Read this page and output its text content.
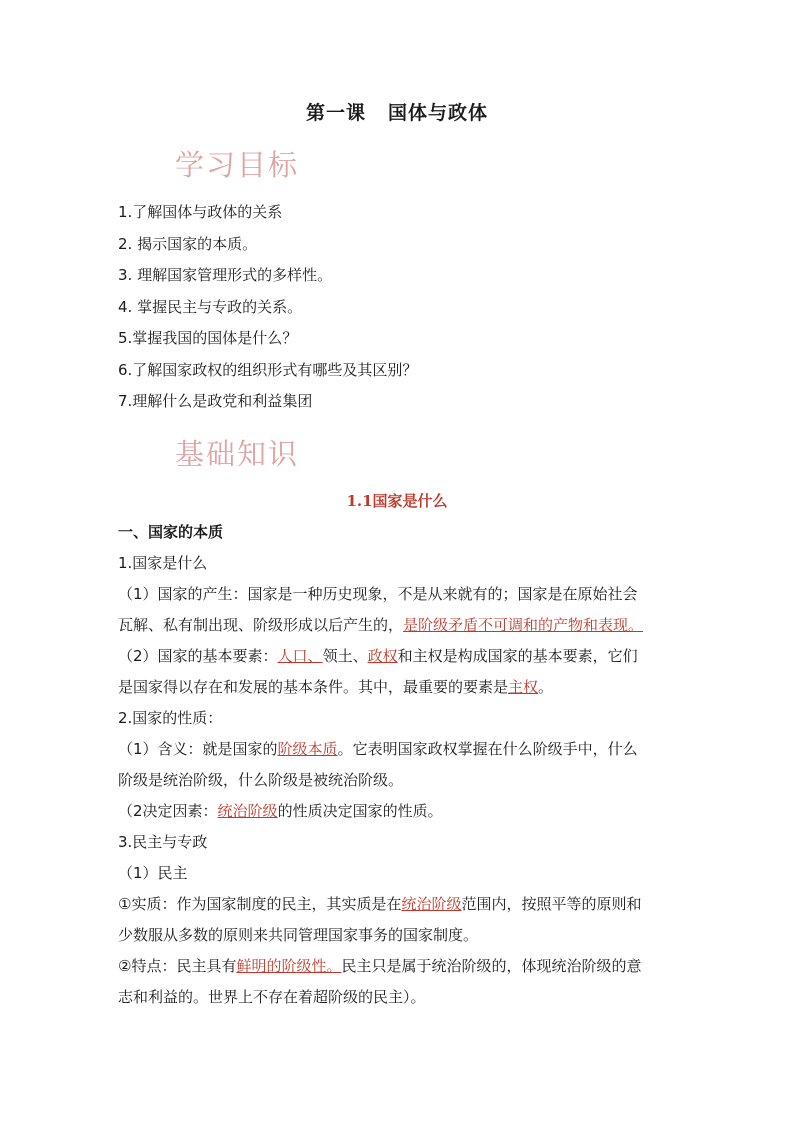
第一课 国体与政体
学习目标
1.了解国体与政体的关系
2. 揭示国家的本质。
3. 理解国家管理形式的多样性。
4. 掌握民主与专政的关系。
5.掌握我国的国体是什么？
6.了解国家政权的组织形式有哪些及其区别？
7.理解什么是政党和利益集团
基础知识
1.1国家是什么
一、国家的本质
1.国家是什么
（1）国家的产生：国家是一种历史现象，不是从来就有的；国家是在原始社会
瓦解、私有制出现、阶级形成以后产生的，是阶级矛盾不可调和的产物和表现。
（2）国家的基本要素：人口、领土、政权和主权是构成国家的基本要素，它们
是国家得以存在和发展的基本条件。其中，最重要的要素是主权。
2.国家的性质：
（1）含义：就是国家的阶级本质。它表明国家政权掌握在什么阶级手中，什么
阶级是统治阶级，什么阶级是被统治阶级。
（2决定因素：统治阶级的性质决定国家的性质。
3.民主与专政
（1）民主
①实质：作为国家制度的民主，其实质是在统治阶级范围内，按照平等的原则和
少数服从多数的原则来共同管理国家事务的国家制度。
②特点：民主具有鲜明的阶级性。民主只是属于统治阶级的，体现统治阶级的意
志和利益的。世界上不存在着超阶级的民主）。
